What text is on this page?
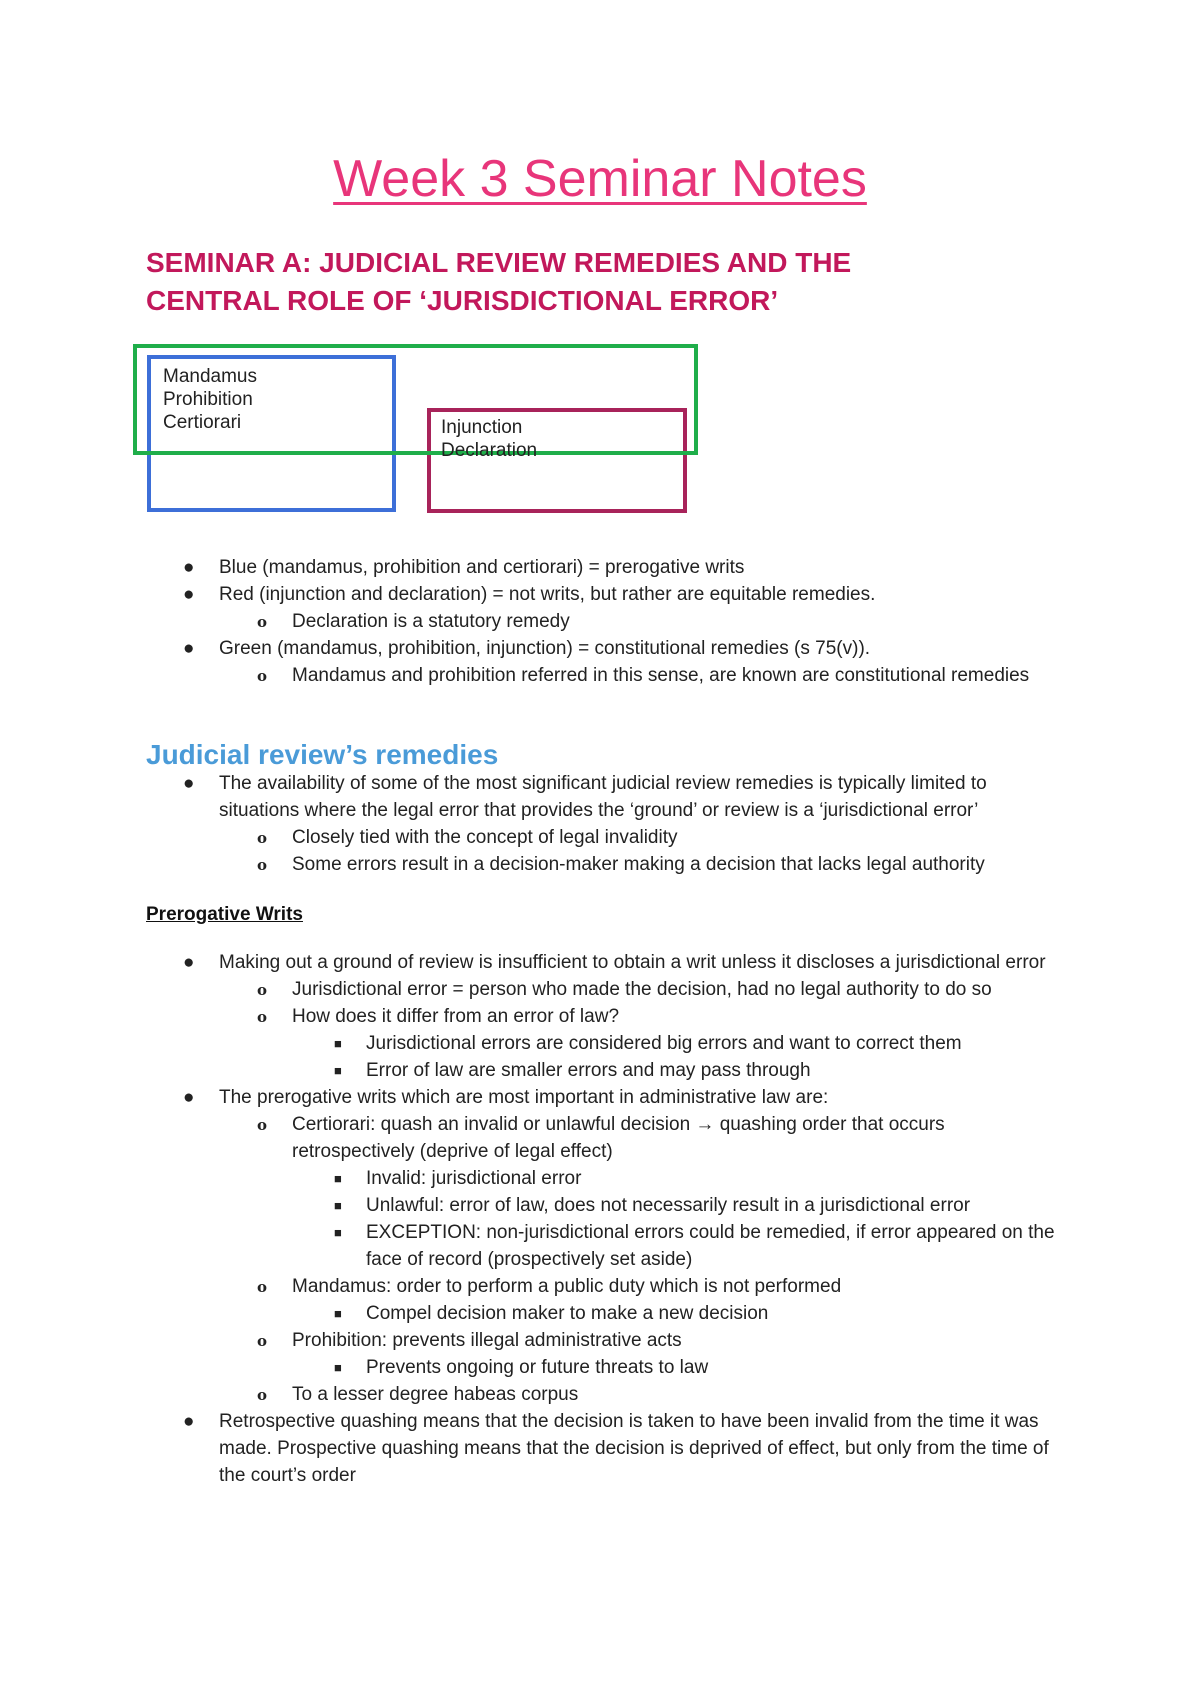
Week 3 Seminar Notes
SEMINAR A: JUDICIAL REVIEW REMEDIES AND THE
CENTRAL ROLE OF ‘JURISDICTIONAL ERROR’
Mandamus
Prohibition
Certiorari	Injunction
Declaration
● Blue (mandamus, prohibition and certiorari) = prerogative writs
● Red (injunction and declaration) = not writs, but rather are equitable remedies.
o Declaration is a statutory remedy
● Green (mandamus, prohibition, injunction) = constitutional remedies (s 75(v)).
o Mandamus and prohibition referred in this sense, are known are constitutional remedies
Judicial review’s remedies
● The availability of some of the most significant judicial review remedies is typically limited to situations where the legal error that provides the ‘ground’ or review is a ‘jurisdictional error’
o Closely tied with the concept of legal invalidity
o Some errors result in a decision-maker making a decision that lacks legal authority
Prerogative Writs
● Making out a ground of review is insufficient to obtain a writ unless it discloses a jurisdictional error
o Jurisdictional error = person who made the decision, had no legal authority to do so
o How does it differ from an error of law?
■ Jurisdictional errors are considered big errors and want to correct them
■ Error of law are smaller errors and may pass through
● The prerogative writs which are most important in administrative law are:
o Certiorari: quash an invalid or unlawful decision → quashing order that occurs retrospectively (deprive of legal effect)
■ Invalid: jurisdictional error
■ Unlawful: error of law, does not necessarily result in a jurisdictional error
■ EXCEPTION: non-jurisdictional errors could be remedied, if error appeared on the face of record (prospectively set aside)
o Mandamus: order to perform a public duty which is not performed
■ Compel decision maker to make a new decision
o Prohibition: prevents illegal administrative acts
■ Prevents ongoing or future threats to law
o To a lesser degree habeas corpus
● Retrospective quashing means that the decision is taken to have been invalid from the time it was made. Prospective quashing means that the decision is deprived of effect, but only from the time of the court’s order
